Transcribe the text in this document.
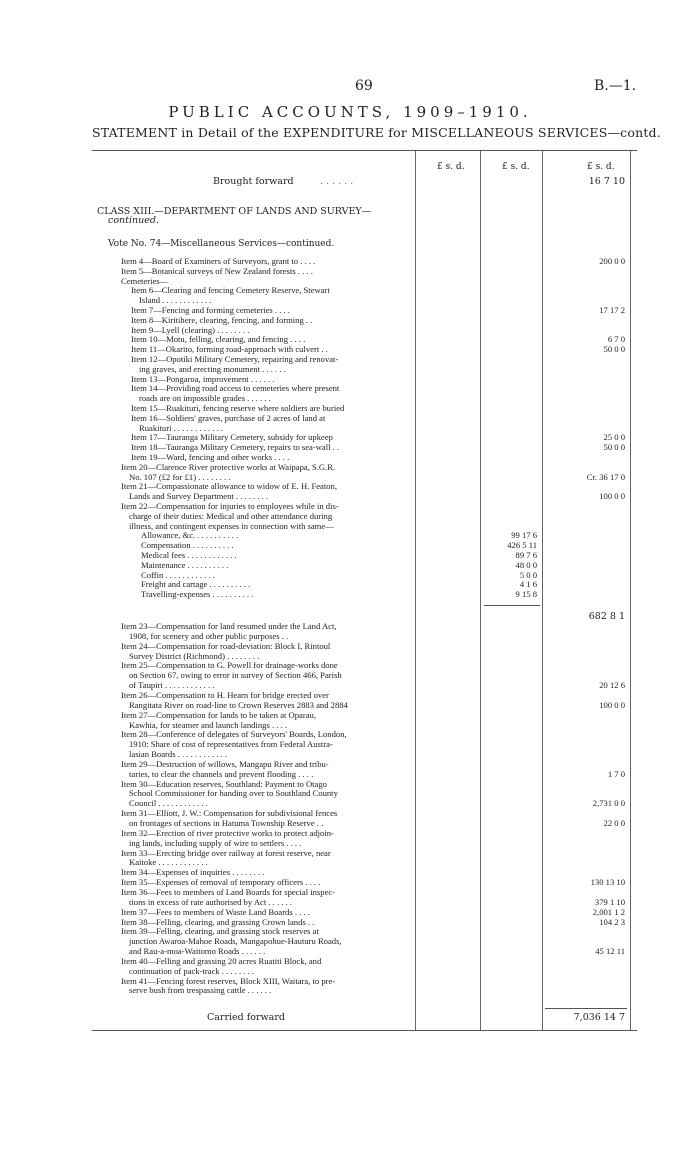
69	B.—1.
PUBLIC ACCOUNTS, 1909–1910.
STATEMENT in Detail of the EXPENDITURE for MISCELLANEOUS SERVICES—contd.
£ s. d.	£ s. d.	£ s. d.
Brought forward	. . . . . .	16 7 10
CLASS XIII.—DEPARTMENT OF LANDS AND SURVEY—
continued.
Vote No. 74—Miscellaneous Services—continued.
Item 4—Board of Examiners of Surveyors, grant to . . . .	200 0 0
Item 5—Botanical surveys of New Zealand forests . . . .
Cemeteries—
Item 6—Clearing and fencing Cemetery Reserve, Stewart
Island . . . . . . . . . . . .
Item 7—Fencing and forming cemeteries . . . .	17 17 2
Item 8—Kiritihere, clearing, fencing, and forming . .
Item 9—Lyell (clearing) . . . . . . . .
Item 10—Motu, felling, clearing, and fencing . . . .	6 7 0
Item 11—Okarito, forming road-approach with culvert . .	50 0 0
Item 12—Opotiki Military Cemetery, repairing and renovat-
ing graves, and erecting monument . . . . . .
Item 13—Pongaroa, improvement . . . . . .
Item 14—Providing road access to cemeteries where present
roads are on impossible grades . . . . . .
Item 15—Ruakituri, fencing reserve where soldiers are buried
Item 16—Soldiers' graves, purchase of 2 acres of land at
Ruakituri . . . . . . . . . . . .
Item 17—Tauranga Military Cemetery, subsidy for upkeep	25 0 0
Item 18—Tauranga Military Cemetery, repairs to sea-wall . .	50 0 0
Item 19—Ward, fencing and other works . . . .
Item 20—Clarence River protective works at Waipapa, S.G.R.
No. 107 (£2 for £1) . . . . . . . .	Cr. 36 17 0
Item 21—Compassionate allowance to widow of E. H. Featon,
Lands and Survey Department . . . . . . . .	100 0 0
Item 22—Compensation for injuries to employees while in dis-
charge of their duties: Medical and other attendance during
illness, and contingent expenses in connection with same—
Allowance, &c. . . . . . . . . . .	99 17 6
Compensation . . . . . . . . . .	426 5 11
Medical fees . . . . . . . . . . . .	89 7 6
Maintenance . . . . . . . . . .	48 0 0
Coffin . . . . . . . . . . . .	5 0 0
Freight and cartage . . . . . . . . . .	4 1 6
Travelling-expenses . . . . . . . . . .	9 15 8
682 8 1
Item 23—Compensation for land resumed under the Land Act,
1908, for scenery and other public purposes . .
Item 24—Compensation for road-deviation: Block I, Rintoul
Survey District (Richmond) . . . . . . . .
Item 25—Compensation to G. Powell for drainage-works done
on Section 67, owing to error in survey of Section 466, Parish
of Taupiri . . . . . . . . . . . .	20 12 6
Item 26—Compensation to H. Hearn for bridge erected over
Rangitata River on road-line to Crown Reserves 2883 and 2884	100 0 0
Item 27—Compensation for lands to be taken at Oparau,
Kawhia, for steamer and launch landings . . . .
Item 28—Conference of delegates of Surveyors' Boards, London,
1910: Share of cost of representatives from Federal Austra-
lasian Boards . . . . . . . . . . . .
Item 29—Destruction of willows, Mangapu River and tribu-
taries, to clear the channels and prevent flooding . . . .	1 7 0
Item 30—Education reserves, Southland: Payment to Otago
School Commissioner for handing over to Southland County
Council . . . . . . . . . . . .	2,731 0 0
Item 31—Elliott, J. W.: Compensation for subdivisional fences
on frontages of sections in Hatuma Township Reserve . .	22 0 0
Item 32—Erection of river protective works to protect adjoin-
ing lands, including supply of wire to settlers . . . .
Item 33—Erecting bridge over railway at forest reserve, near
Kaitoke . . . . . . . . . . . .
Item 34—Expenses of inquiries . . . . . . . .
Item 35—Expenses of removal of temporary officers . . . .	130 13 10
Item 36—Fees to members of Land Boards for special inspec-
tions in excess of rate authorised by Act . . . . . .	379 1 10
Item 37—Fees to members of Waste Land Boards . . . .	2,001 1 2
Item 38—Felling, clearing, and grassing Crown lands . .	104 2 3
Item 39—Felling, clearing, and grassing stock reserves at
junction Awaroa-Mahoe Roads, Mangapohue-Hauturu Roads,
and Rau-a-moa-Waitomo Roads . . . . . .	45 12 11
Item 40—Felling and grassing 20 acres Ruatiti Block, and
continuation of pack-track . . . . . . . .
Item 41—Fencing forest reserves, Block XIII, Waitara, to pre-
serve bush from trespassing cattle . . . . . .
Carried forward	7,036 14 7
